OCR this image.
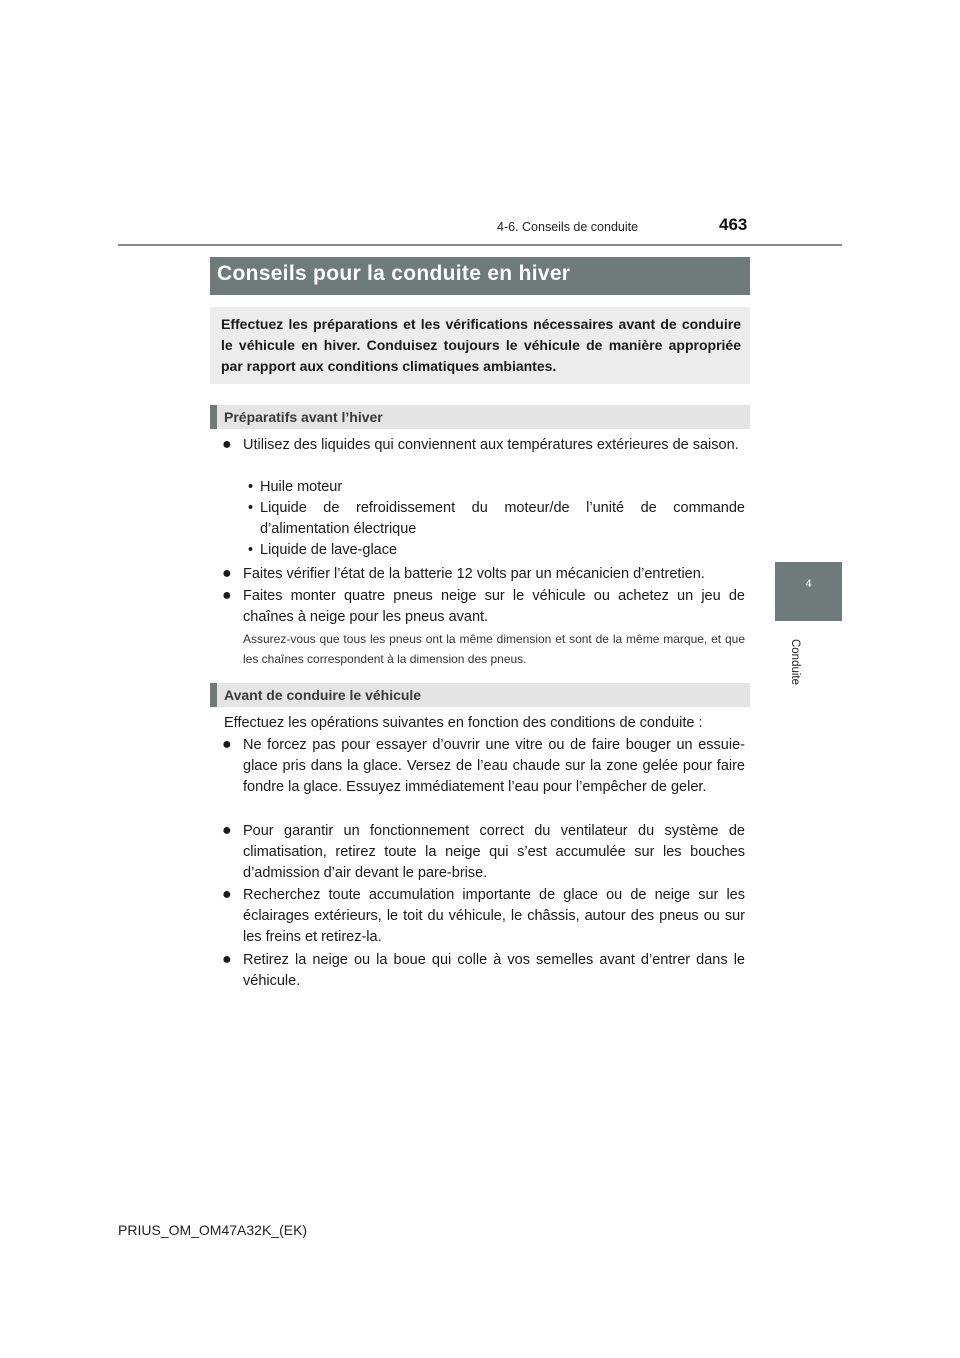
4-6. Conseils de conduite	463
4
Conduite
Conseils pour la conduite en hiver
Effectuez les préparations et les vérifications nécessaires avant de conduire le véhicule en hiver. Conduisez toujours le véhicule de manière appropriée par rapport aux conditions climatiques ambiantes.
Préparatifs avant l’hiver
● Utilisez des liquides qui conviennent aux températures extérieures de saison.
• Huile moteur
• Liquide de refroidissement du moteur/de l’unité de commande d’alimentation électrique
• Liquide de lave-glace
● Faites vérifier l’état de la batterie 12 volts par un mécanicien d’entretien.
● Faites monter quatre pneus neige sur le véhicule ou achetez un jeu de chaînes à neige pour les pneus avant.
Assurez-vous que tous les pneus ont la même dimension et sont de la même marque, et que les chaînes correspondent à la dimension des pneus.
Avant de conduire le véhicule
Effectuez les opérations suivantes en fonction des conditions de conduite :
● Ne forcez pas pour essayer d’ouvrir une vitre ou de faire bouger un essuie-glace pris dans la glace. Versez de l’eau chaude sur la zone gelée pour faire fondre la glace. Essuyez immédiatement l’eau pour l’empêcher de geler.
● Pour garantir un fonctionnement correct du ventilateur du système de climatisation, retirez toute la neige qui s’est accumulée sur les bouches d’admission d’air devant le pare-brise.
● Recherchez toute accumulation importante de glace ou de neige sur les éclairages extérieurs, le toit du véhicule, le châssis, autour des pneus ou sur les freins et retirez-la.
● Retirez la neige ou la boue qui colle à vos semelles avant d’entrer dans le véhicule.
PRIUS_OM_OM47A32K_(EK)
